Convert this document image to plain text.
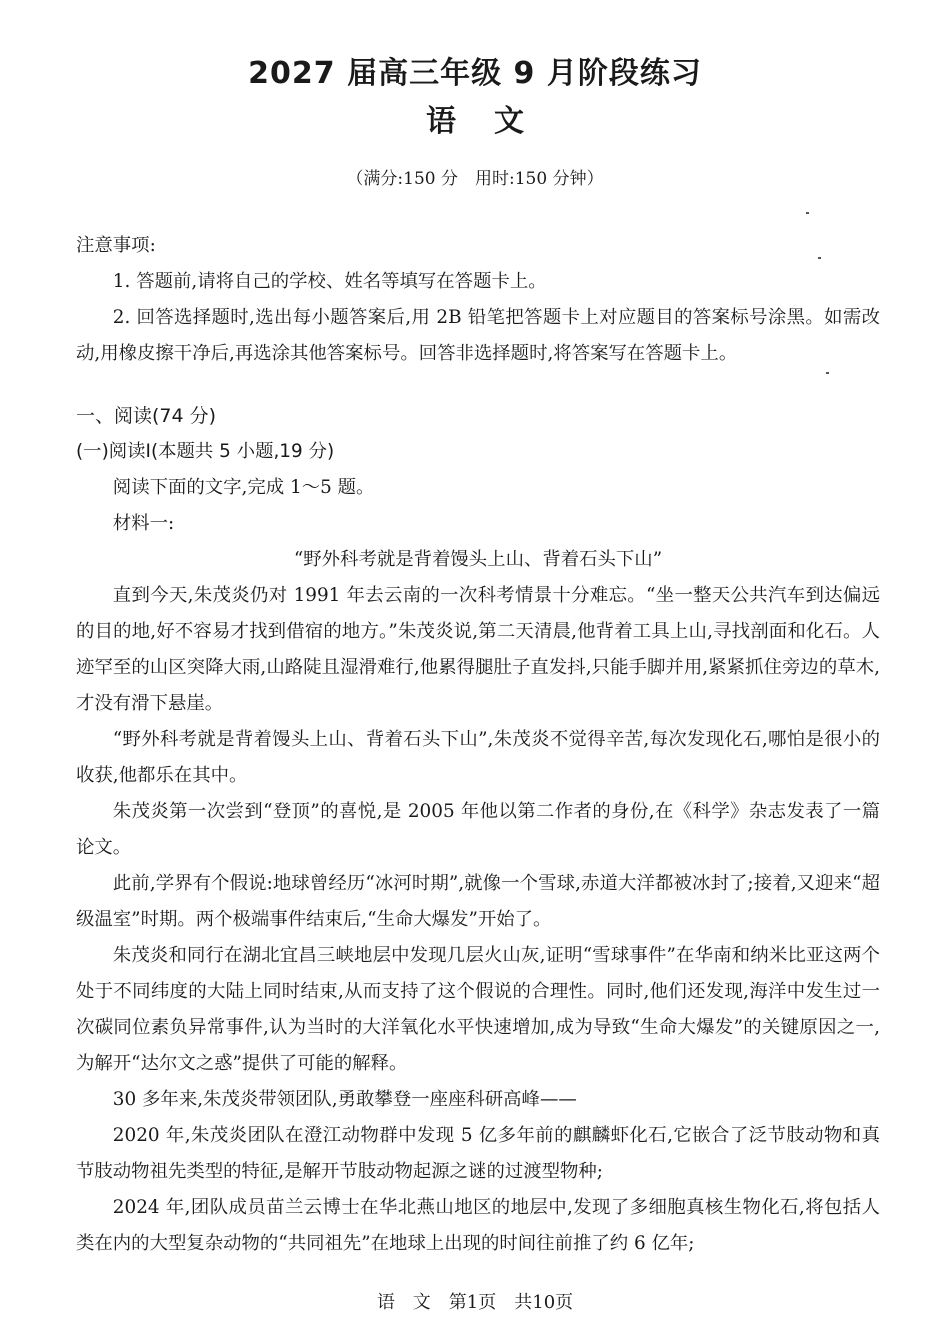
2027 届高三年级 9 月阶段练习
语文
（满分:150 分　用时:150 分钟）

注意事项:

1. 答题前,请将自己的学校、姓名等填写在答题卡上。

2. 回答选择题时,选出每小题答案后,用 2B 铅笔把答题卡上对应题目的答案标号涂黑。如需改动,用橡皮擦干净后,再选涂其他答案标号。回答非选择题时,将答案写在答题卡上。

一、阅读(74 分)

(一)阅读Ⅰ(本题共 5 小题,19 分)

阅读下面的文字,完成 1～5 题。

材料一:

“野外科考就是背着馒头上山、背着石头下山”

直到今天,朱茂炎仍对 1991 年去云南的一次科考情景十分难忘。“坐一整天公共汽车到达偏远的目的地,好不容易才找到借宿的地方。”朱茂炎说,第二天清晨,他背着工具上山,寻找剖面和化石。人迹罕至的山区突降大雨,山路陡且湿滑难行,他累得腿肚子直发抖,只能手脚并用,紧紧抓住旁边的草木,才没有滑下悬崖。

“野外科考就是背着馒头上山、背着石头下山”,朱茂炎不觉得辛苦,每次发现化石,哪怕是很小的收获,他都乐在其中。

朱茂炎第一次尝到“登顶”的喜悦,是 2005 年他以第二作者的身份,在《科学》杂志发表了一篇论文。

此前,学界有个假说:地球曾经历“冰河时期”,就像一个雪球,赤道大洋都被冰封了;接着,又迎来“超级温室”时期。两个极端事件结束后,“生命大爆发”开始了。

朱茂炎和同行在湖北宜昌三峡地层中发现几层火山灰,证明“雪球事件”在华南和纳米比亚这两个处于不同纬度的大陆上同时结束,从而支持了这个假说的合理性。同时,他们还发现,海洋中发生过一次碳同位素负异常事件,认为当时的大洋氧化水平快速增加,成为导致“生命大爆发”的关键原因之一,为解开“达尔文之惑”提供了可能的解释。

30 多年来,朱茂炎带领团队,勇敢攀登一座座科研高峰——

2020 年,朱茂炎团队在澄江动物群中发现 5 亿多年前的麒麟虾化石,它嵌合了泛节肢动物和真节肢动物祖先类型的特征,是解开节肢动物起源之谜的过渡型物种;

2024 年,团队成员苗兰云博士在华北燕山地区的地层中,发现了多细胞真核生物化石,将包括人类在内的大型复杂动物的“共同祖先”在地球上出现的时间往前推了约 6 亿年;

语　文　第1页　共10页
